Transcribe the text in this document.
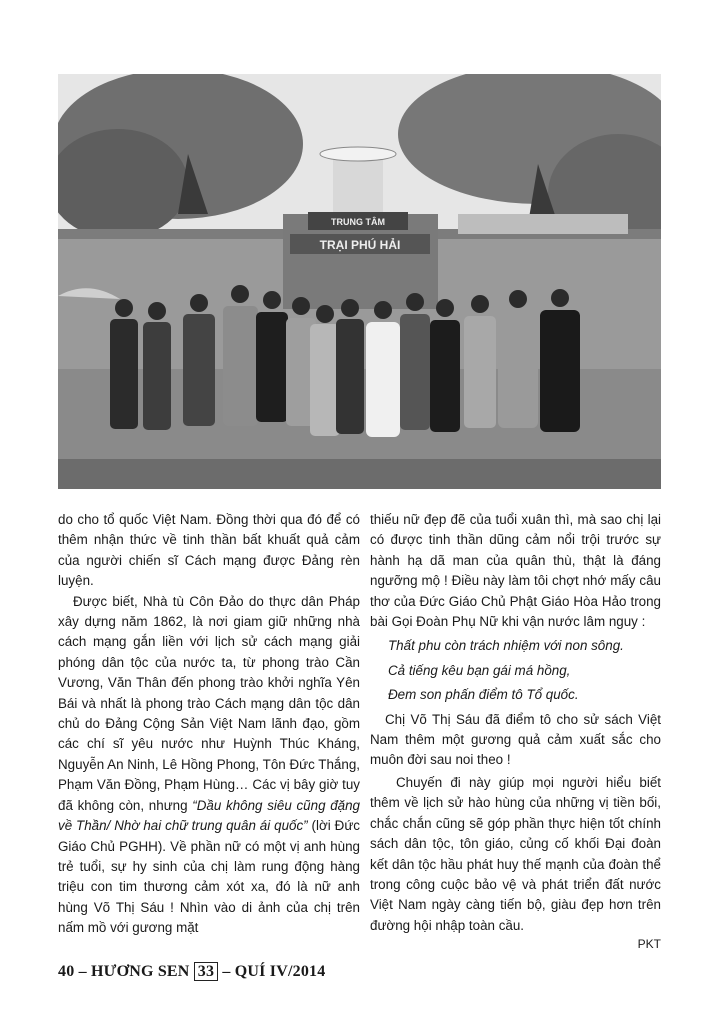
TRUNG TÂM
TRẠI PHÚ HẢI

do cho tổ quốc Việt Nam. Đồng thời qua đó để có thêm nhận thức về tinh thần bất khuất quả cảm của người chiến sĩ Cách mạng được Đảng rèn luyện.

Được biết, Nhà tù Côn Đảo do thực dân Pháp xây dựng năm 1862, là nơi giam giữ những nhà cách mạng gắn liền với lịch sử cách mạng giải phóng dân tộc của nước ta, từ phong trào Cần Vương, Văn Thân đến phong trào khởi nghĩa Yên Bái và nhất là phong trào Cách mạng dân tộc dân chủ do Đảng Cộng Sản Việt Nam lãnh đạo, gồm các chí sĩ yêu nước như Huỳnh Thúc Kháng, Nguyễn An Ninh, Lê Hồng Phong, Tôn Đức Thắng, Phạm Văn Đồng, Phạm Hùng… Các vị bây giờ tuy đã không còn, nhưng “Dầu không siêu cũng đặng về Thần/ Nhờ hai chữ trung quân ái quốc” (lời Đức Giáo Chủ PGHH). Về phần nữ có một vị anh hùng trẻ tuổi, sự hy sinh của chị làm rung động hàng triệu con tim thương cảm xót xa, đó là nữ anh hùng Võ Thị Sáu ! Nhìn vào di ảnh của chị trên nấm mồ với gương mặt

thiếu nữ đẹp đẽ của tuổi xuân thì, mà sao chị lại có được tinh thần dũng cảm nổi trội trước sự hành hạ dã man của quân thù, thật là đáng ngưỡng mộ ! Điều này làm tôi chợt nhớ mấy câu thơ của Đức Giáo Chủ Phật Giáo Hòa Hảo trong bài Gọi Đoàn Phụ Nữ khi vận nước lâm nguy :

Thất phu còn trách nhiệm với non sông.

Cả tiếng kêu bạn gái má hồng,

Đem son phấn điểm tô Tổ quốc.

Chị Võ Thị Sáu đã điểm tô cho sử sách Việt Nam thêm một gương quả cảm xuất sắc cho muôn đời sau noi theo !

Chuyến đi này giúp mọi người hiểu biết thêm về lịch sử hào hùng của những vị tiền bối, chắc chắn cũng sẽ góp phần thực hiện tốt chính sách dân tộc, tôn giáo, củng cố khối Đại đoàn kết dân tộc hầu phát huy thế mạnh của đoàn thể trong công cuộc bảo vệ và phát triển đất nước Việt Nam ngày càng tiến bộ, giàu đẹp hơn trên đường hội nhập toàn cầu.

PKT

40 – HƯƠNG SEN 33 – QUÍ IV/2014
